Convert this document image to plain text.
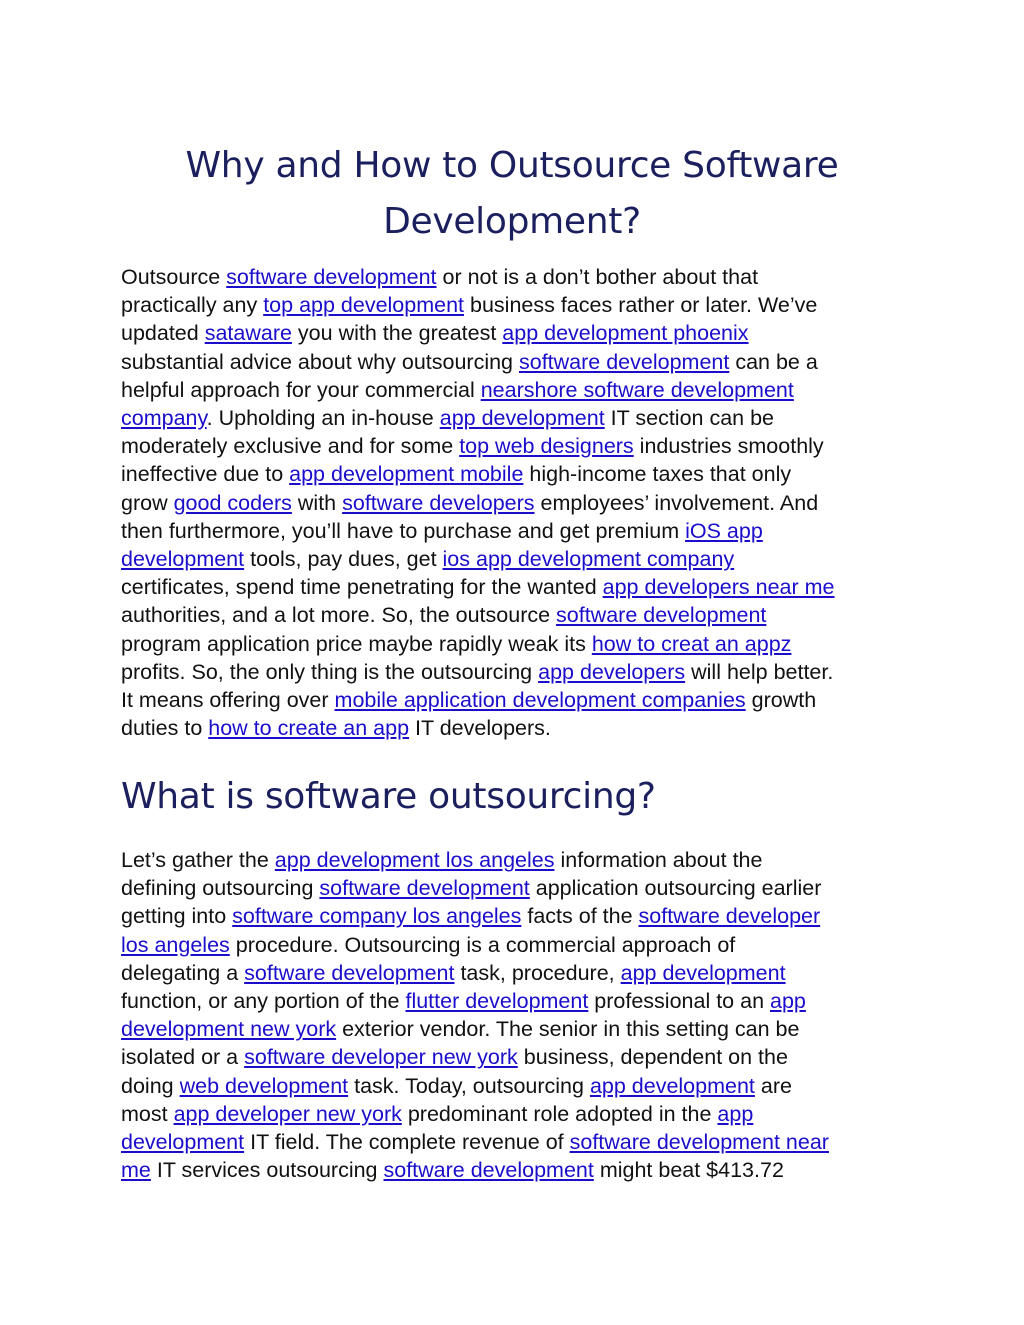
Why and How to Outsource Software
Development?

Outsource software development or not is a don’t bother about that
practically any top app development business faces rather or later. We’ve
updated sataware you with the greatest app development phoenix
substantial advice about why outsourcing software development can be a
helpful approach for your commercial nearshore software development
company. Upholding an in-house app development IT section can be
moderately exclusive and for some top web designers industries smoothly
ineffective due to app development mobile high-income taxes that only
grow good coders with software developers employees’ involvement. And
then furthermore, you’ll have to purchase and get premium iOS app
development tools, pay dues, get ios app development company
certificates, spend time penetrating for the wanted app developers near me
authorities, and a lot more. So, the outsource software development
program application price maybe rapidly weak its how to creat an appz
profits. So, the only thing is the outsourcing app developers will help better.
It means offering over mobile application development companies growth
duties to how to create an app IT developers.

What is software outsourcing?

Let’s gather the app development los angeles information about the
defining outsourcing software development application outsourcing earlier
getting into software company los angeles facts of the software developer
los angeles procedure. Outsourcing is a commercial approach of
delegating a software development task, procedure, app development
function, or any portion of the flutter development professional to an app
development new york exterior vendor. The senior in this setting can be
isolated or a software developer new york business, dependent on the
doing web development task. Today, outsourcing app development are
most app developer new york predominant role adopted in the app
development IT field. The complete revenue of software development near
me IT services outsourcing software development might beat $413.72
